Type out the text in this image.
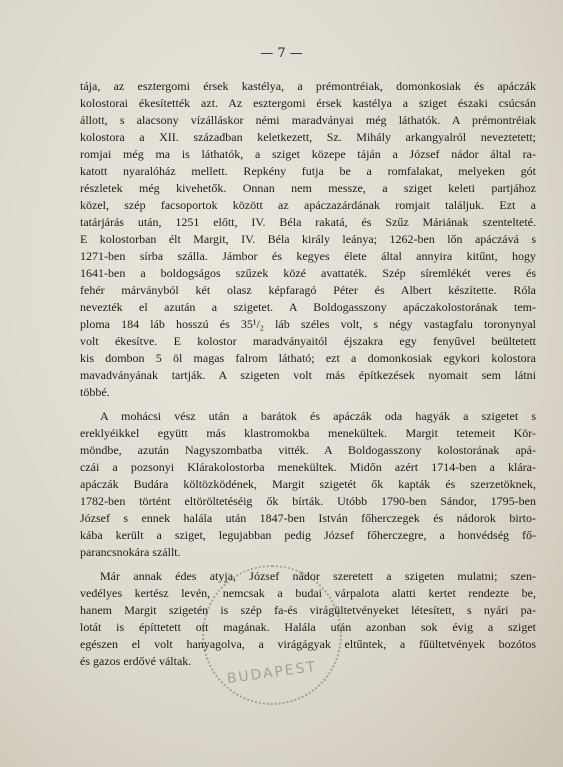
— 7 —
tája, az esztergomi érsek kastélya, a prémontréiak, domonkosiak és apáczák
kolostorai ékesítették azt. Az esztergomi érsek kastélya a sziget északi csúcsán
állott, s alacsony vízálláskor némi maradványai még láthatók. A prémontréiak
kolostora a XII. században keletkezett, Sz. Mihály arkangyalról neveztetett;
romjai még ma is láthatók, a sziget közepe táján a József nádor által ra-
katott nyaralóház mellett. Repkény futja be a romfalakat, melyeken gót
részletek még kivehetők. Onnan nem messze, a sziget keleti partjához
közel, szép facsoportok között az apáczazárdának romjait találjuk. Ezt a
tatárjárás után, 1251 előtt, IV. Béla rakatá, és Szűz Máriának szentelteté.
E kolostorban élt Margit, IV. Béla király leánya; 1262-ben lőn apáczává s
1271-ben sírba szálla. Jámbor és kegyes élete által annyira kitűnt, hogy
1641-ben a boldogságos szűzek közé avattaték. Szép síremlékét veres és
fehér márványból két olasz képfaragó Péter és Albert készítette. Róla
nevezték el azután a szigetet. A Boldogasszony apáczakolostorának tem-
ploma 184 láb hosszú és 35¹/₂ láb széles volt, s négy vastagfalu toronynyal
volt ékesítve. E kolostor maradványaitól éjszakra egy fenyűvel beültetett
kis dombon 5 öl magas falrom látható; ezt a domonkosiak egykori kolostora
mavadványának tartják. A szigeten volt más építkezések nyomait sem látni
többé.
A mohácsi vész után a barátok és apáczák oda hagyák a szigetet s
ereklyéikkel együtt más klastromokba menekültek. Margit tetemeit Kör-
möndbe, azután Nagyszombatba vitték. A Boldogasszony kolostorának apá-
czái a pozsonyi Klárakolostorba menekültek. Midőn azért 1714-ben a klára-
apáczák Budára költözködének, Margit szigetét ők kapták és szerzetöknek,
1782-ben történt eltöröltetéséig ők bírták. Utóbb 1790-ben Sándor, 1795-ben
József s ennek halála után 1847-ben István főherczegek és nádorok birto-
kába került a sziget, legujabban pedig József főherczegre, a honvédség fő-
parancsnokára szállt.
Már annak édes atyja, József nádor szeretett a szigeten mulatni; szen-
vedélyes kertész levén, nemcsak a budai várpalota alatti kertet rendezte be,
hanem Margit szigetén is szép fa-és virágültetvényeket létesített, s nyári pa-
lotát is építtetett ott magának. Halála után azonban sok évig a sziget
egészen el volt hanyagolva, a virágágyak eltűntek, a fűültetvények bozótos
és gazos erdővé váltak.	BUDAPEST
